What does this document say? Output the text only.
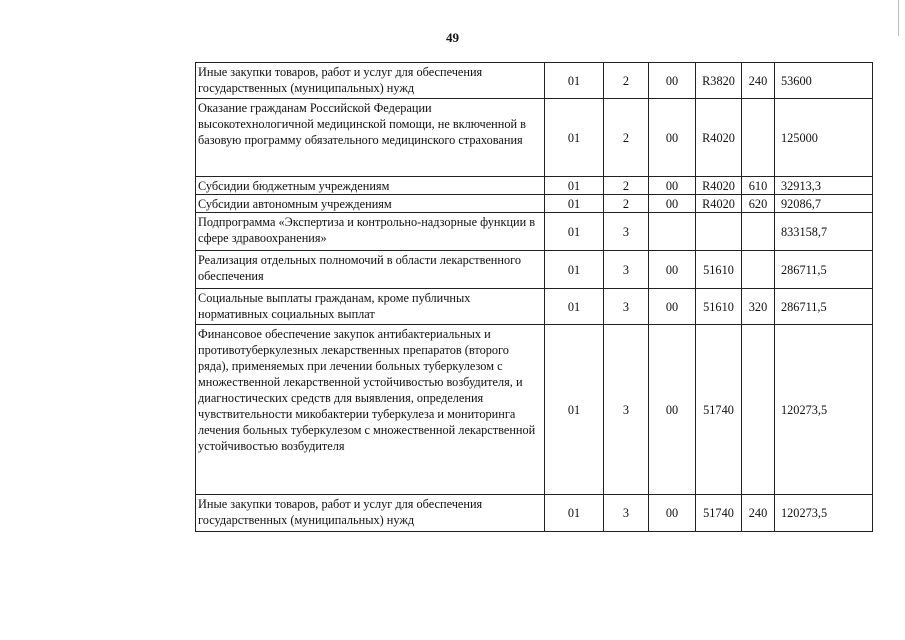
49
Иные закупки товаров, работ и услуг для обеспечения государственных (муниципальных) нужд	01	2	00	R3820	240	53600
Оказание гражданам Российской Федерации высокотехнологичной медицинской помощи, не включенной в базовую программу обязательного медицинского страхования	01	2	00	R4020		125000
Субсидии бюджетным учреждениям	01	2	00	R4020	610	32913,3
Субсидии автономным учреждениям	01	2	00	R4020	620	92086,7
Подпрограмма «Экспертиза и контрольно-надзорные функции в сфере здравоохранения»	01	3				833158,7
Реализация отдельных полномочий в области лекарственного обеспечения	01	3	00	51610		286711,5
Социальные выплаты гражданам, кроме публичных нормативных социальных выплат	01	3	00	51610	320	286711,5
Финансовое обеспечение закупок антибактериальных и противотуберкулезных лекарственных препаратов (второго ряда), применяемых при лечении больных туберкулезом с множественной лекарственной устойчивостью возбудителя, и диагностических средств для выявления, определения чувствительности микобактерии туберкулеза и мониторинга лечения больных туберкулезом с множественной лекарственной устойчивостью возбудителя	01	3	00	51740		120273,5
Иные закупки товаров, работ и услуг для обеспечения государственных (муниципальных) нужд	01	3	00	51740	240	120273,5
